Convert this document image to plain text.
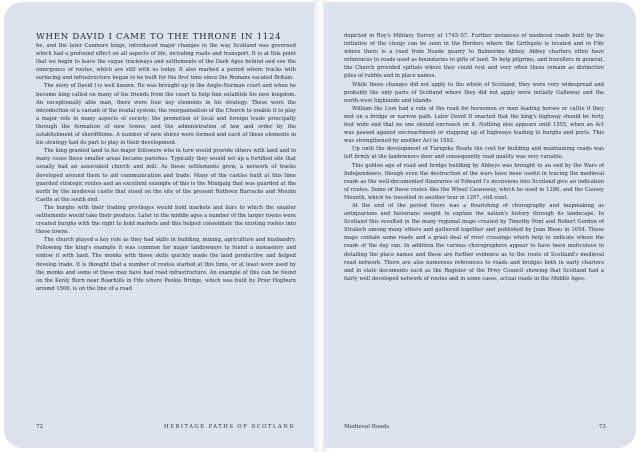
WHEN DAVID I CAME TO THE THRONE IN 1124
he, and the later Canmore kings, introduced major changes in the way Scotland was governed which had a profound effect on all aspects of life, including roads and transport. It is at this point that we begin to leave the vague trackways and settlements of the Dark Ages behind and see the emergence of routes, which are still with us today. It also marked a period where tracks with surfacing and infrastructure began to be built for the first time since the Romans vacated Britain.

The story of David I is well known. He was brought up in the Anglo-Norman court and when he became king called on many of his friends from the court to help him establish his new kingdom. An exceptionally able man, there were four key elements in his strategy. These were the introduction of a variant of the feudal system; the reorganisation of the Church to enable it to play a major role in many aspects of society; the promotion of local and foreign trade principally through the formation of new towns; and the administration of law and order by the establishment of sheriffdoms. A number of new shires were formed and each of these elements in his strategy had its part to play in their development.

The king granted land to his major followers who in turn would provide others with land and in many cases these smaller areas became parishes. Typically they would set up a fortified site that usually had an associated church and mill. As these settlements grew, a network of tracks developed around them to aid communication and trade. Many of the castles built at this time guarded strategic routes and an excellent example of this is the Minigaig that was guarded at the north by the medieval castle that stood on the site of the present Ruthven Barracks and Moulin Castle at the south end.

The burghs with their trading privileges would hold markets and fairs to which the smaller settlements would take their produce. Later in the middle ages a number of the larger towns were created burghs with the right to hold markets and this helped consolidate the existing routes into those towns.

The church played a key role as they had skills in building, mining, agriculture and husbandry. Following the king's example it was common for major landowners to found a monastery and endow it with land. The monks with these skills quickly made the land productive and helped develop trade. It is thought that a number of routes started at this time, or at least were used by the monks and some of these may have had road infrastructure. An example of this can be found on the Kenly Burn near Boarhills in Fife where Peekie Bridge, which was built by Prior Hepburn around 1500, is on the line of a road

72	HERITAGE PATHS OF SCOTLAND

depicted in Roy's Military Survey of 1745–57. Further instances of medieval roads built by the initiative of the clergy can be seen in the Borders where the Girthgate is located and in Fife where there is a road from Nsade quarry to Balmerino Abbey. Abbey charters often have references to roads used as boundaries to gifts of land. To help pilgrims, and travellers in general, the Church provided spittals where they could rest and very often these remain as distinctive piles of rubble and in place names.

While these changes did not apply to the whole of Scotland, they were very widespread and probably the only parts of Scotland where they did not apply were initially Galloway and the north-west highlands and islands.

William the Lion had a rule of the road for horsemen or men leading horses or cattle if they met on a bridge or narrow path. Later David II enacted that the king's highway should be forty feet wide and that no one should encroach on it. Nothing else appears until 1555, when an Act was passed against encroachment or stopping up of highways leading to burghs and ports. This was strengthened by another Act in 1592.

Up until the development of Turnpike Roads the cost for building and maintaining roads was left firmly at the landowners door and consequently road quality was very variable.

This golden age of road and bridge building by Abbeys was brought to an end by the Wars of Independence, though even the destruction of the wars have been useful in tracing the medieval roads as the well-documented itineraries of Edward I's incursions into Scotland give an indication of routes. Some of these routes like the Wheel Causeway, which he used in 1296, and the Causey Mounth, which he travelled in another tour in 1297, still exist.

At the end of the period there was a flourishing of chorography and mapmaking as antiquarians and historians sought to explain the nation's history through its landscape. In Scotland this resulted in the many regional maps created by Timothy Pont and Robert Gordon of Straloch among many others and gathered together and published by Joan Bleau in 1654. These maps contain some roads and a great deal of river crossings which help to indicate where the roads of the day ran. In addition the various chorographers appear to have been meticulous in detailing the place names and these are further evidence as to the route of Scotland's medieval road network. There are also numerous references to roads and bridges both in early charters and in state documents such as the Register of the Privy Council showing that Scotland had a fairly well developed network of routes and in some cases, actual roads in the Middle Ages.

Medieval Roads	73
